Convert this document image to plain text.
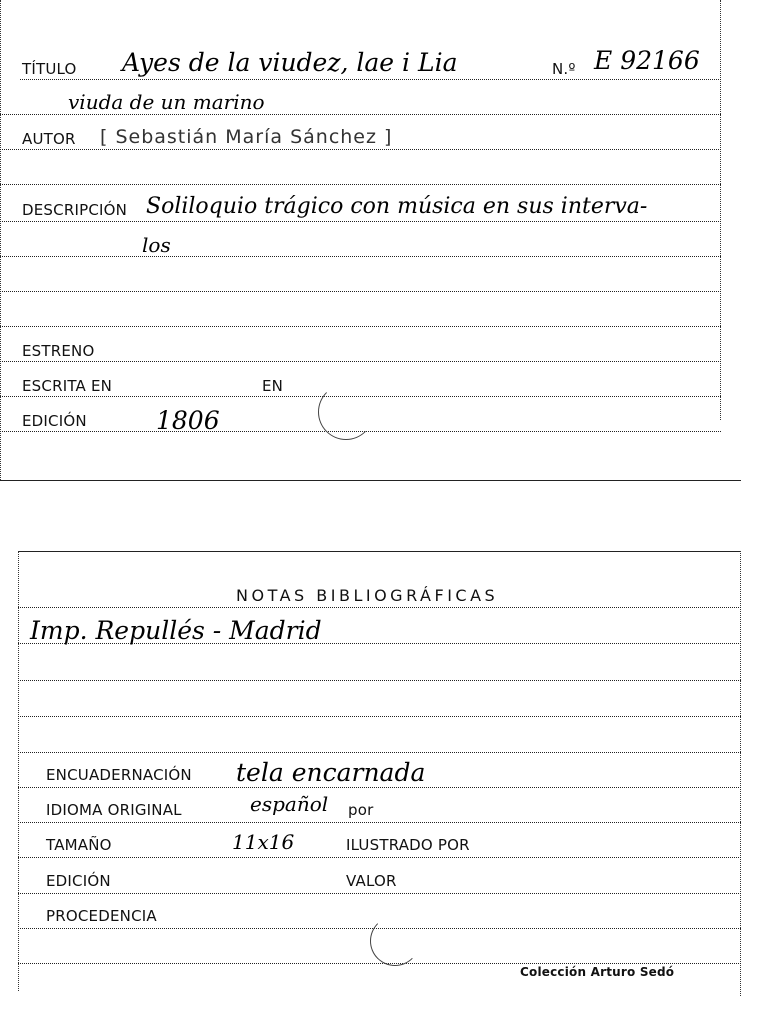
TÍTULO Ayes de la viudez, lae i Lia	N.º E 92166
viuda de un marino
AUTOR [ Sebastián María Sánchez ]
DESCRIPCIÓN Soliloquio trágico con música en sus interva-
los
ESTRENO
ESCRITA EN	EN
EDICIÓN	1806
NOTAS BIBLIOGRÁFICAS
Imp. Repullés - Madrid
ENCUADERNACIÓN tela encarnada
IDIOMA ORIGINAL	español por
TAMAÑO	11x16	ILUSTRADO POR
EDICIÓN	VALOR
PROCEDENCIA
Colección Arturo Sedó
